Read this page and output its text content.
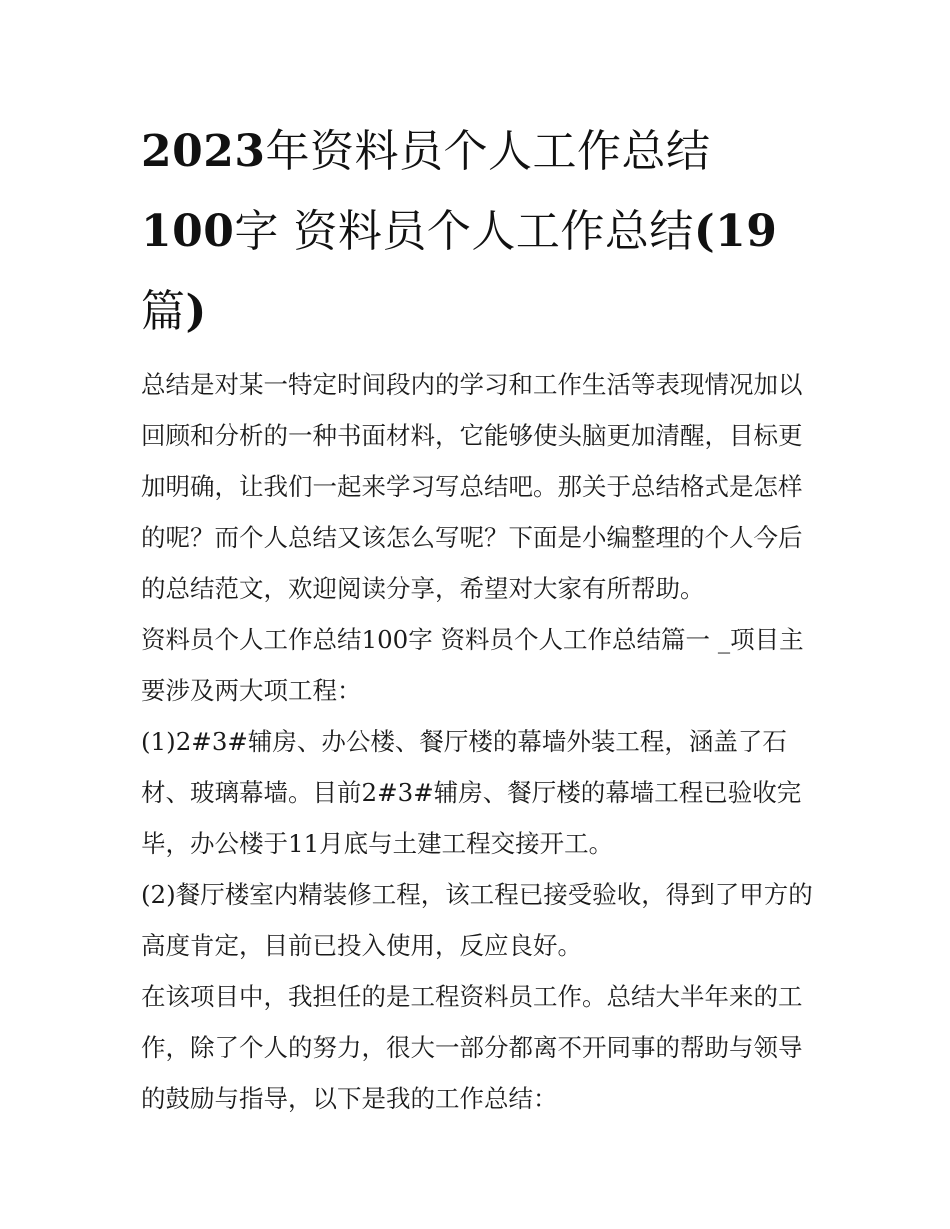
2023年资料员个人工作总结
100字 资料员个人工作总结(19
篇)

总结是对某一特定时间段内的学习和工作生活等表现情况加以回顾和分析的一种书面材料，它能够使头脑更加清醒，目标更加明确，让我们一起来学习写总结吧。那关于总结格式是怎样的呢？而个人总结又该怎么写呢？下面是小编整理的个人今后的总结范文，欢迎阅读分享，希望对大家有所帮助。

资料员个人工作总结100字 资料员个人工作总结篇一 _项目主要涉及两大项工程：

(1)2#3#辅房、办公楼、餐厅楼的幕墙外装工程，涵盖了石材、玻璃幕墙。目前2#3#辅房、餐厅楼的幕墙工程已验收完毕，办公楼于11月底与土建工程交接开工。

(2)餐厅楼室内精装修工程，该工程已接受验收，得到了甲方的高度肯定，目前已投入使用，反应良好。

在该项目中，我担任的是工程资料员工作。总结大半年来的工作，除了个人的努力，很大一部分都离不开同事的帮助与领导的鼓励与指导，以下是我的工作总结：
